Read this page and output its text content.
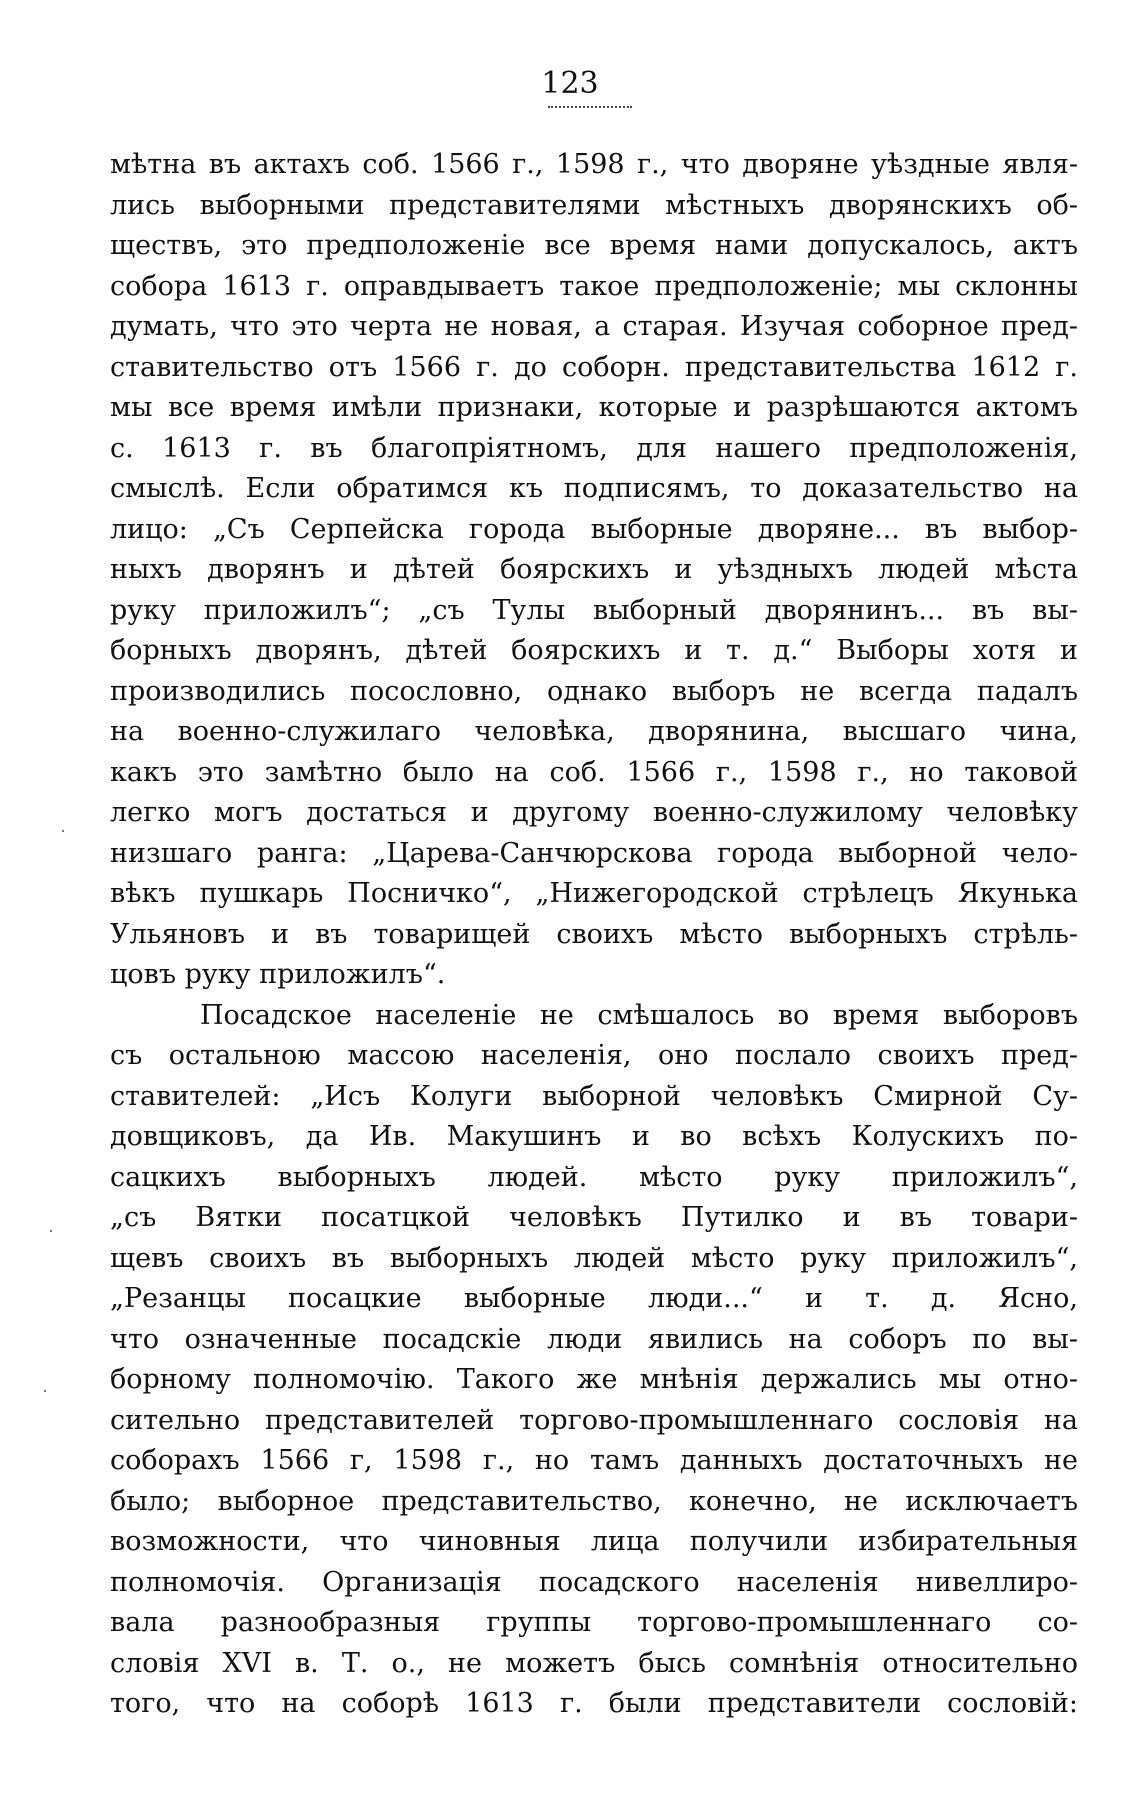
123
мѣтна въ актахъ соб. 1566 г., 1598 г., что дворяне уѣздные явля-
лись выборными представителями мѣстныхъ дворянскихъ об-
ществъ, это предположеніе все время нами допускалось, актъ
собора 1613 г. оправдываетъ такое предположеніе; мы склонны
думать, что это черта не новая, а старая. Изучая соборное пред-
ставительство отъ 1566 г. до соборн. представительства 1612 г.
мы все время имѣли признаки, которые и разрѣшаются актомъ
с. 1613 г. въ благопріятномъ, для нашего предположенія,
смыслѣ. Если обратимся къ подписямъ, то доказательство на
лицо: „Съ Серпейска города выборные дворяне... въ выбор-
ныхъ дворянъ и дѣтей боярскихъ и уѣздныхъ людей мѣста
руку приложилъ“; „съ Тулы выборный дворянинъ... въ вы-
борныхъ дворянъ, дѣтей боярскихъ и т. д.“ Выборы хотя и
производились посословно, однако выборъ не всегда падалъ
на военно-служилаго человѣка, дворянина, высшаго чина,
какъ это замѣтно было на соб. 1566 г., 1598 г., но таковой
легко могъ достаться и другому военно-служилому человѣку
низшаго ранга: „Царева-Санчюрскова города выборной чело-
вѣкъ пушкарь Посничко“, „Нижегородской стрѣлецъ Якунька
Ульяновъ и въ товарищей своихъ мѣсто выборныхъ стрѣль-
цовъ руку приложилъ“.
Посадское населеніе не смѣшалось во время выборовъ
съ остальною массою населенія, оно послало своихъ пред-
ставителей: „Исъ Колуги выборной человѣкъ Смирной Су-
довщиковъ, да Ив. Макушинъ и во всѣхъ Колускихъ по-
сацкихъ выборныхъ людей. мѣсто руку приложилъ“,
„съ Вятки посатцкой человѣкъ Путилко и въ товари-
щевъ своихъ въ выборныхъ людей мѣсто руку приложилъ“,
„Резанцы посацкие выборные люди...“ и т. д. Ясно,
что означенные посадскіе люди явились на соборъ по вы-
борному полномочію. Такого же мнѣнія держались мы отно-
сительно представителей торгово-промышленнаго сословія на
соборахъ 1566 г, 1598 г., но тамъ данныхъ достаточныхъ не
было; выборное представительство, конечно, не исключаетъ
возможности, что чиновныя лица получили избирательныя
полномочія. Организація посадского населенія нивеллиро-
вала разнообразныя группы торгово-промышленнаго со-
словія XVI в. Т. о., не можетъ бысь сомнѣнія относительно
того, что на соборѣ 1613 г. были представители сословій:
